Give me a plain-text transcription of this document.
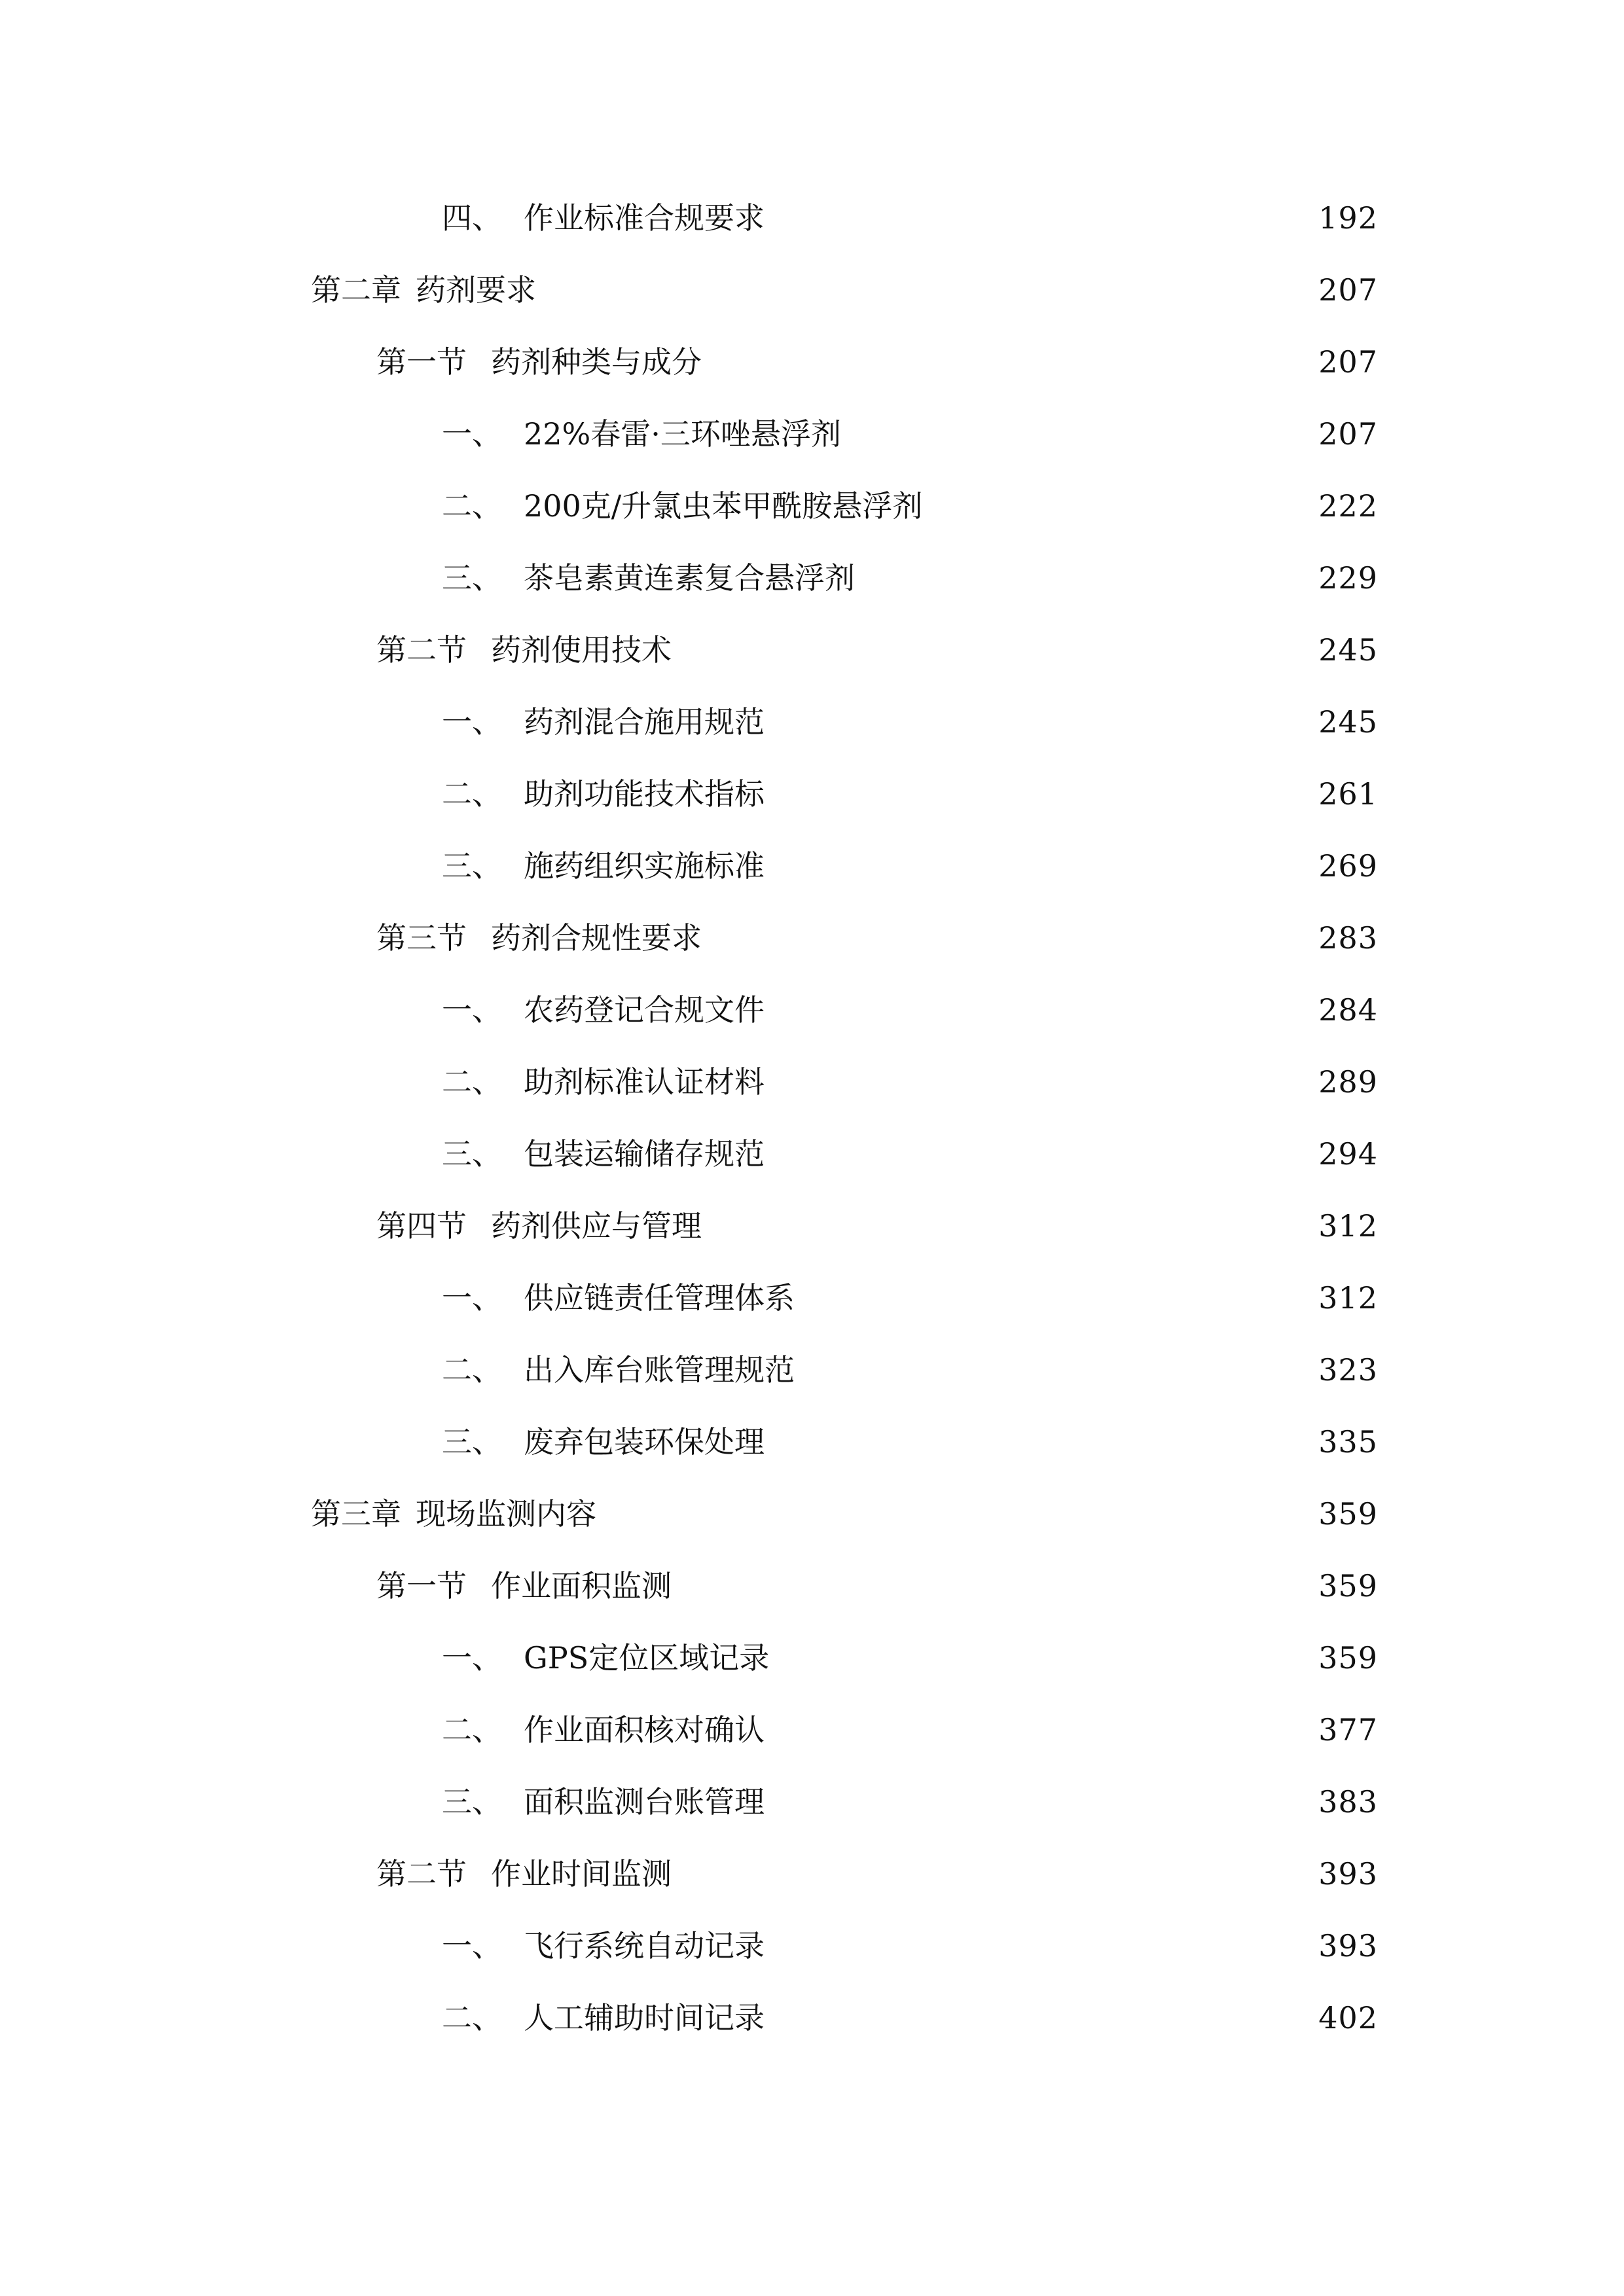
四、 作业标准合规要求	192
第二章 药剂要求	207
第一节 药剂种类与成分	207
一、 22%春雷·三环唑悬浮剂	207
二、 200克/升氯虫苯甲酰胺悬浮剂	222
三、 茶皂素黄连素复合悬浮剂	229
第二节 药剂使用技术	245
一、 药剂混合施用规范	245
二、 助剂功能技术指标	261
三、 施药组织实施标准	269
第三节 药剂合规性要求	283
一、 农药登记合规文件	284
二、 助剂标准认证材料	289
三、 包装运输储存规范	294
第四节 药剂供应与管理	312
一、 供应链责任管理体系	312
二、 出入库台账管理规范	323
三、 废弃包装环保处理	335
第三章 现场监测内容	359
第一节 作业面积监测	359
一、 GPS定位区域记录	359
二、 作业面积核对确认	377
三、 面积监测台账管理	383
第二节 作业时间监测	393
一、 飞行系统自动记录	393
二、 人工辅助时间记录	402
